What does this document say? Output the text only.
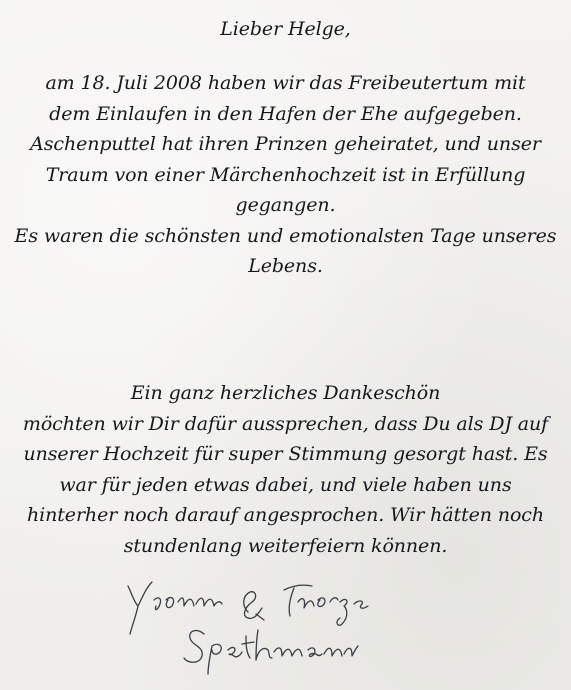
Lieber Helge,

am 18. Juli 2008 haben wir das Freibeutertum mit
dem Einlaufen in den Hafen der Ehe aufgegeben.
Aschenputtel hat ihren Prinzen geheiratet, und unser
Traum von einer Märchenhochzeit ist in Erfüllung
gegangen.
Es waren die schönsten und emotionalsten Tage unseres
Lebens.

Ein ganz herzliches Dankeschön
möchten wir Dir dafür aussprechen, dass Du als DJ auf
unserer Hochzeit für super Stimmung gesorgt hast. Es
war für jeden etwas dabei, und viele haben uns
hinterher noch darauf angesprochen. Wir hätten noch
stundenlang weiterfeiern können.
